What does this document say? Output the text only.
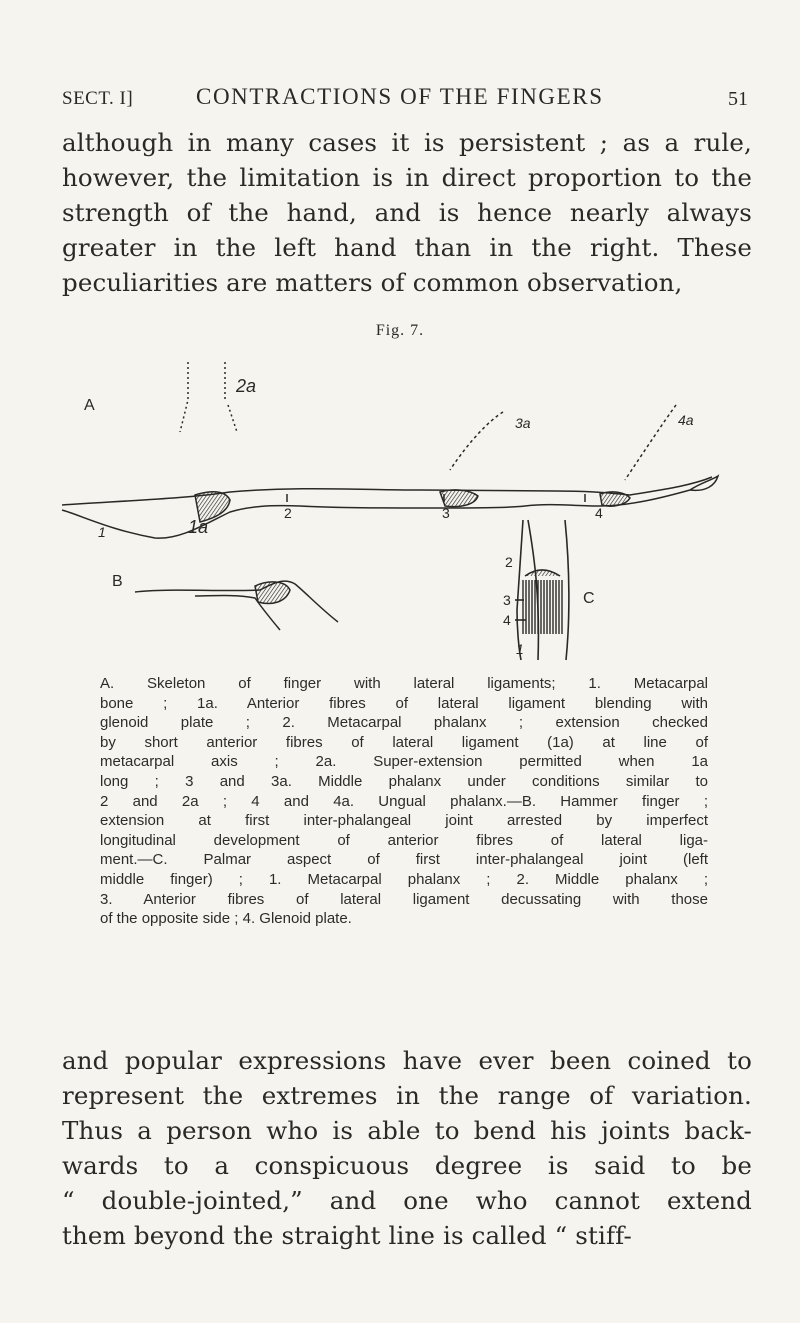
SECT. I]	CONTRACTIONS OF THE FINGERS	51
although in many cases it is persistent ; as a rule,
however, the limitation is in direct proportion to the
strength of the hand, and is hence nearly always
greater in the left hand than in the right. These
peculiarities are matters of common observation,
Fig. 7.
A
2a
3a	4a
1	1a
2	3	4
B
2
3
4
1
C
A. Skeleton of finger with lateral ligaments; 1. Metacarpal
bone ; 1a. Anterior fibres of lateral ligament blending with
glenoid plate ; 2. Metacarpal phalanx ; extension checked
by short anterior fibres of lateral ligament (1a) at line of
metacarpal axis ; 2a. Super-extension permitted when 1a
long ; 3 and 3a. Middle phalanx under conditions similar to
2 and 2a ; 4 and 4a. Ungual phalanx.—B. Hammer finger ;
extension at first inter-phalangeal joint arrested by imperfect
longitudinal development of anterior fibres of lateral liga-
ment.—C. Palmar aspect of first inter-phalangeal joint (left
middle finger) ; 1. Metacarpal phalanx ; 2. Middle phalanx ;
3. Anterior fibres of lateral ligament decussating with those
of the opposite side ; 4. Glenoid plate.
and popular expressions have ever been coined to
represent the extremes in the range of variation.
Thus a person who is able to bend his joints back-
wards to a conspicuous degree is said to be
“ double-jointed,” and one who cannot extend
them beyond the straight line is called “ stiff-
